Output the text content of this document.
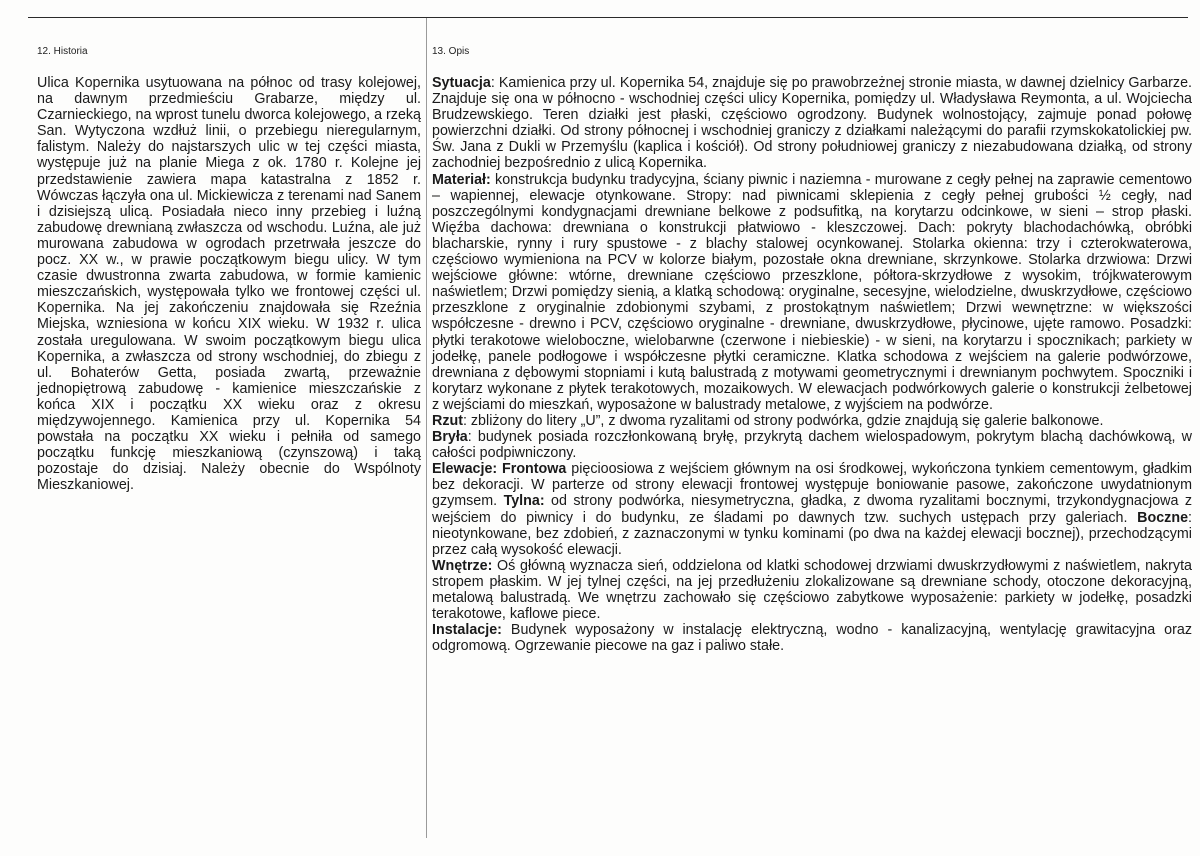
12. Historia	13. Opis

Ulica Kopernika usytuowana na północ od trasy kolejowej, na dawnym przedmieściu Grabarze, między ul. Czarnieckiego, na wprost tunelu dworca kolejowego, a rzeką San. Wytyczona wzdłuż linii, o przebiegu nieregularnym, falistym. Należy do najstarszych ulic w tej części miasta, występuje już na planie Miega z ok. 1780 r. Kolejne jej przedstawienie zawiera mapa katastralna z 1852 r. Wówczas łączyła ona ul. Mickiewicza z terenami nad Sanem i dzisiejszą ulicą. Posiadała nieco inny przebieg i luźną zabudowę drewnianą zwłaszcza od wschodu. Luźna, ale już murowana zabudowa w ogrodach przetrwała jeszcze do pocz. XX w., w prawie początkowym biegu ulicy. W tym czasie dwustronna zwarta zabudowa, w formie kamienic mieszczańskich, występowała tylko we frontowej części ul. Kopernika. Na jej zakończeniu znajdowała się Rzeźnia Miejska, wzniesiona w końcu XIX wieku. W 1932 r. ulica została uregulowana. W swoim początkowym biegu ulica Kopernika, a zwłaszcza od strony wschodniej, do zbiegu z ul. Bohaterów Getta, posiada zwartą, przeważnie jednopiętrową zabudowę - kamienice mieszczańskie z końca XIX i początku XX wieku oraz z okresu międzywojennego. Kamienica przy ul. Kopernika 54 powstała na początku XX wieku i pełniła od samego początku funkcję mieszkaniową (czynszową) i taką pozostaje do dzisiaj. Należy obecnie do Wspólnoty Mieszkaniowej.

Sytuacja: Kamienica przy ul. Kopernika 54, znajduje się po prawobrzeżnej stronie miasta, w dawnej dzielnicy Garbarze. Znajduje się ona w północno - wschodniej części ulicy Kopernika, pomiędzy ul. Władysława Reymonta, a ul. Wojciecha Brudzewskiego. Teren działki jest płaski, częściowo ogrodzony. Budynek wolnostojący, zajmuje ponad połowę powierzchni działki. Od strony północnej i wschodniej graniczy z działkami należącymi do parafii rzymskokatolickiej pw. Św. Jana z Dukli w Przemyślu (kaplica i kościół). Od strony południowej graniczy z niezabudowana działką, od strony zachodniej bezpośrednio z ulicą Kopernika.

Materiał: konstrukcja budynku tradycyjna, ściany piwnic i naziemna - murowane z cegły pełnej na zaprawie cementowo – wapiennej, elewacje otynkowane. Stropy: nad piwnicami sklepienia z cegły pełnej grubości ½ cegły, nad poszczególnymi kondygnacjami drewniane belkowe z podsufitką, na korytarzu odcinkowe, w sieni – strop płaski. Więźba dachowa: drewniana o konstrukcji płatwiowo - kleszczowej. Dach: pokryty blachodachówką, obróbki blacharskie, rynny i rury spustowe - z blachy stalowej ocynkowanej. Stolarka okienna: trzy i czterokwaterowa, częściowo wymieniona na PCV w kolorze białym, pozostałe okna drewniane, skrzynkowe. Stolarka drzwiowa: Drzwi wejściowe główne: wtórne, drewniane częściowo przeszklone, półtora-skrzydłowe z wysokim, trójkwaterowym naświetlem; Drzwi pomiędzy sienią, a klatką schodową: oryginalne, secesyjne, wielodzielne, dwuskrzydłowe, częściowo przeszklone z oryginalnie zdobionymi szybami, z prostokątnym naświetlem; Drzwi wewnętrzne: w większości współczesne - drewno i PCV, częściowo oryginalne - drewniane, dwuskrzydłowe, płycinowe, ujęte ramowo. Posadzki: płytki terakotowe wieloboczne, wielobarwne (czerwone i niebieskie) - w sieni, na korytarzu i spocznikach; parkiety w jodełkę, panele podłogowe i współczesne płytki ceramiczne. Klatka schodowa z wejściem na galerie podwórzowe, drewniana z dębowymi stopniami i kutą balustradą z motywami geometrycznymi i drewnianym pochwytem. Spoczniki i korytarz wykonane z płytek terakotowych, mozaikowych. W elewacjach podwórkowych galerie o konstrukcji żelbetowej z wejściami do mieszkań, wyposażone w balustrady metalowe, z wyjściem na podwórze.

Rzut: zbliżony do litery „U”, z dwoma ryzalitami od strony podwórka, gdzie znajdują się galerie balkonowe.

Bryła: budynek posiada rozczłonkowaną bryłę, przykrytą dachem wielospadowym, pokrytym blachą dachówkową, w całości podpiwniczony.

Elewacje: Frontowa pięcioosiowa z wejściem głównym na osi środkowej, wykończona tynkiem cementowym, gładkim bez dekoracji. W parterze od strony elewacji frontowej występuje boniowanie pasowe, zakończone uwydatnionym gzymsem. Tylna: od strony podwórka, niesymetryczna, gładka, z dwoma ryzalitami bocznymi, trzykondygnacjowa z wejściem do piwnicy i do budynku, ze śladami po dawnych tzw. suchych ustępach przy galeriach. Boczne: nieotynkowane, bez zdobień, z zaznaczonymi w tynku kominami (po dwa na każdej elewacji bocznej), przechodzącymi przez całą wysokość elewacji.

Wnętrze: Oś główną wyznacza sień, oddzielona od klatki schodowej drzwiami dwuskrzydłowymi z naświetlem, nakryta stropem płaskim. W jej tylnej części, na jej przedłużeniu zlokalizowane są drewniane schody, otoczone dekoracyjną, metalową balustradą. We wnętrzu zachowało się częściowo zabytkowe wyposażenie: parkiety w jodełkę, posadzki terakotowe, kaflowe piece.

Instalacje: Budynek wyposażony w instalację elektryczną, wodno - kanalizacyjną, wentylację grawitacyjna oraz odgromową. Ogrzewanie piecowe na gaz i paliwo stałe.
